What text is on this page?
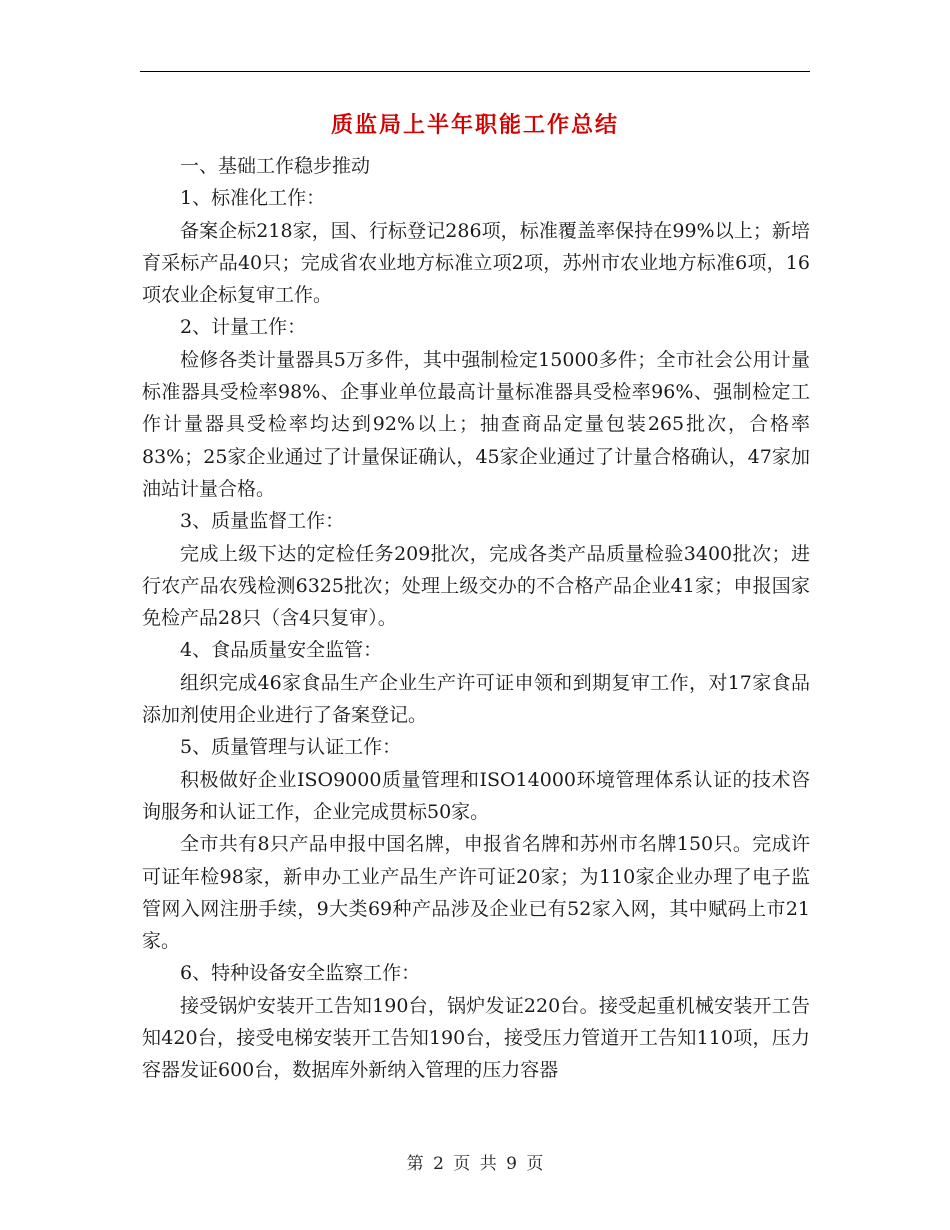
质监局上半年职能工作总结

一、基础工作稳步推动

1、标准化工作：

备案企标218家，国、行标登记286项，标准覆盖率保持在99%以上；新培育采标产品40只；完成省农业地方标准立项2项，苏州市农业地方标准6项，16项农业企标复审工作。

2、计量工作：

检修各类计量器具5万多件，其中强制检定15000多件；全市社会公用计量标准器具受检率98%、企事业单位最高计量标准器具受检率96%、强制检定工作计量器具受检率均达到92%以上；抽查商品定量包装265批次，合格率83%；25家企业通过了计量保证确认，45家企业通过了计量合格确认，47家加油站计量合格。

3、质量监督工作：

完成上级下达的定检任务209批次，完成各类产品质量检验3400批次；进行农产品农残检测6325批次；处理上级交办的不合格产品企业41家；申报国家免检产品28只（含4只复审）。

4、食品质量安全监管：

组织完成46家食品生产企业生产许可证申领和到期复审工作，对17家食品添加剂使用企业进行了备案登记。

5、质量管理与认证工作：

积极做好企业ISO9000质量管理和ISO14000环境管理体系认证的技术咨询服务和认证工作，企业完成贯标50家。

全市共有8只产品申报中国名牌，申报省名牌和苏州市名牌150只。完成许可证年检98家，新申办工业产品生产许可证20家；为110家企业办理了电子监管网入网注册手续，9大类69种产品涉及企业已有52家入网，其中赋码上市21家。

6、特种设备安全监察工作：

接受锅炉安装开工告知190台，锅炉发证220台。接受起重机械安装开工告知420台，接受电梯安装开工告知190台，接受压力管道开工告知110项，压力容器发证600台，数据库外新纳入管理的压力容器

第 2 页 共 9 页
